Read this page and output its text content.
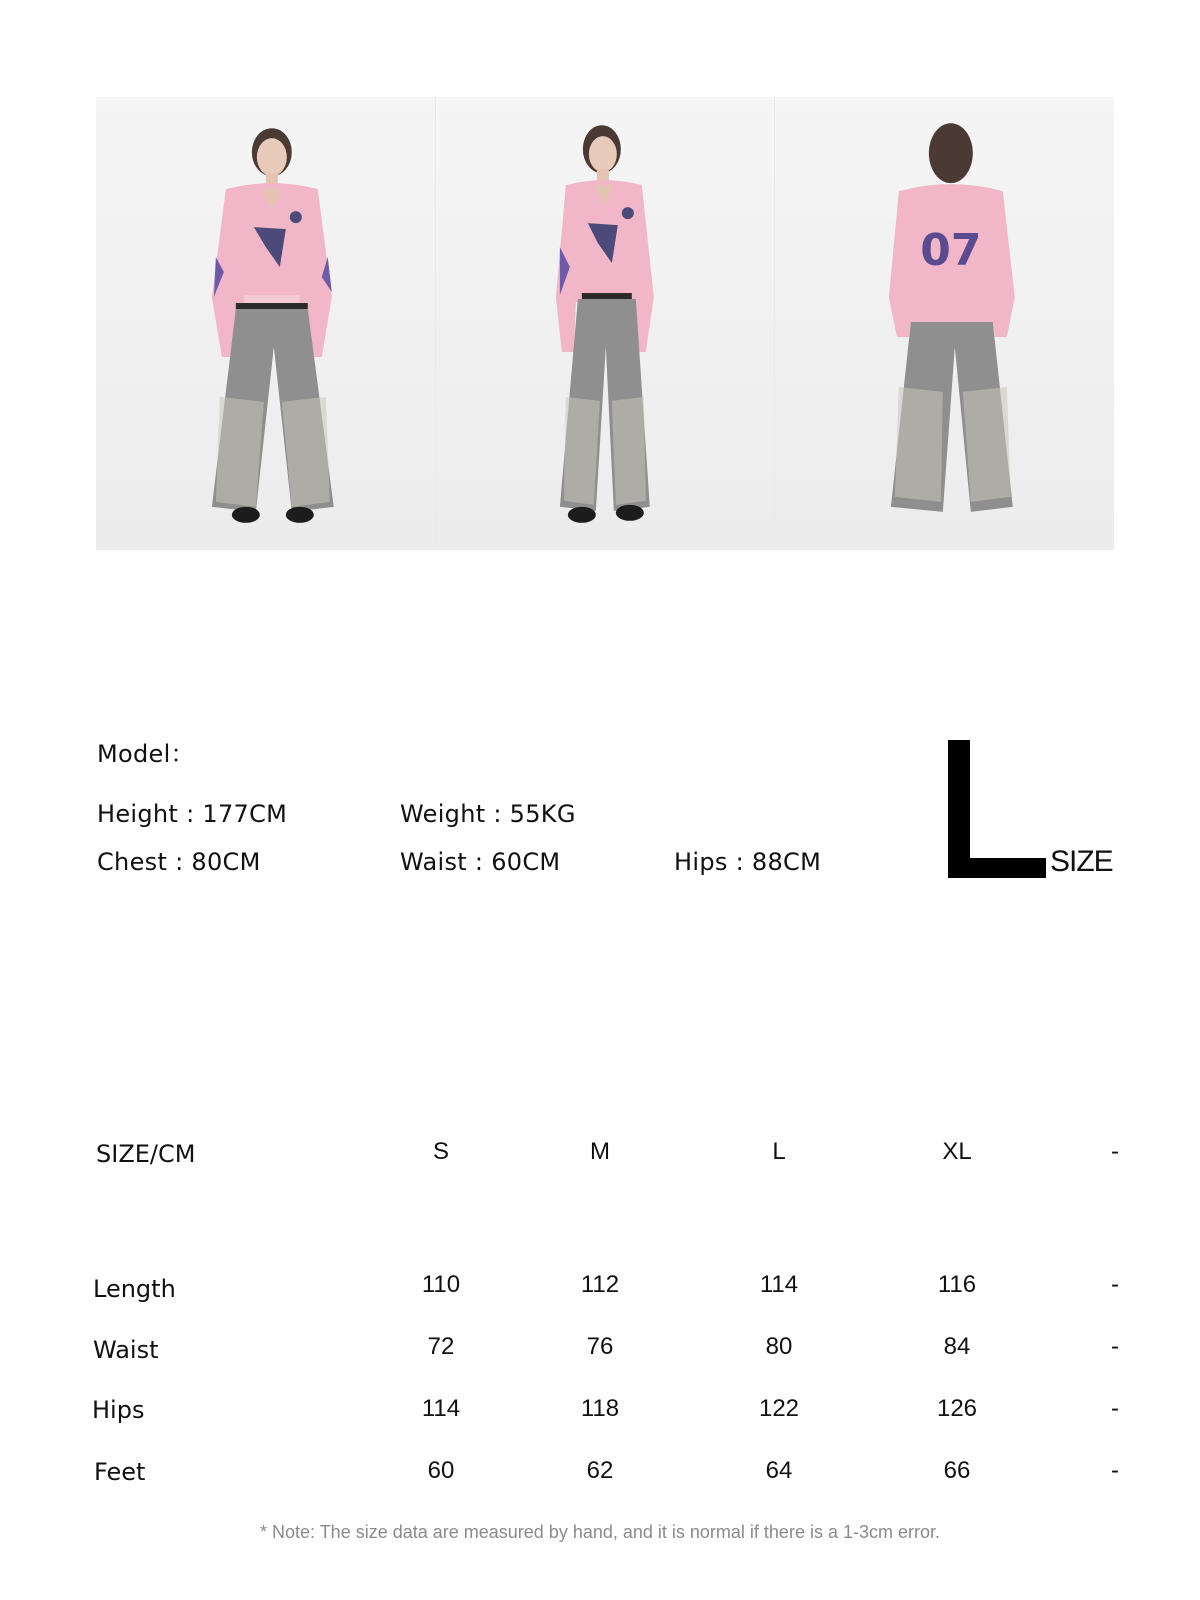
07
Model：
Height : 177CM	Weight : 55KG
Chest : 80CM	Waist : 60CM	Hips : 88CM	SIZE
SIZE/CM	S	M	L	XL	-
Length	110	112	114	116	-
Waist	72	76	80	84	-
Hips	114	118	122	126	-
Feet	60	62	64	66	-
* Note: The size data are measured by hand, and it is normal if there is a 1-3cm error.
